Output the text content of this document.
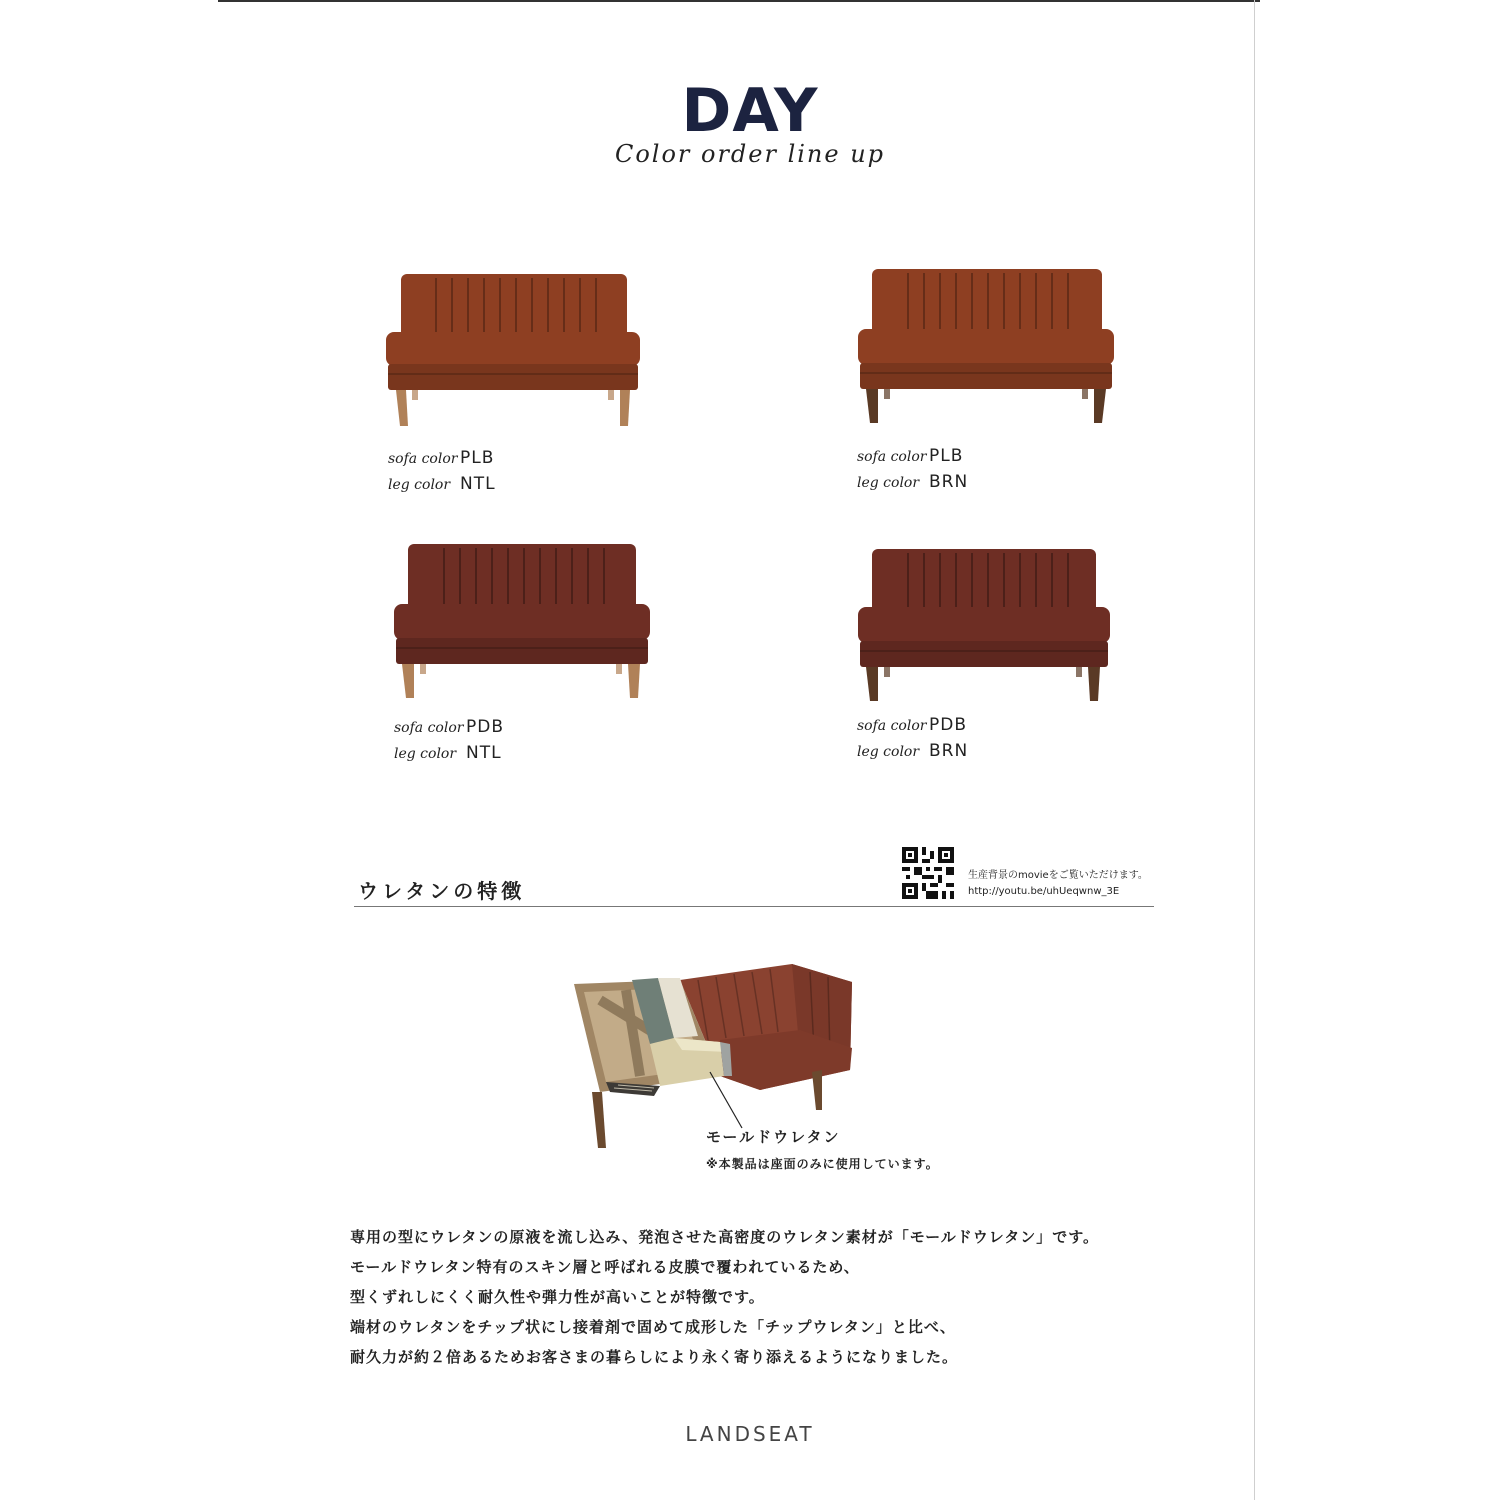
DAY
Color order line up
sofa color PLB
leg color NTL
sofa color PLB
leg color BRN
sofa color PDB
leg color NTL
sofa color PDB
leg color BRN
ウレタンの特徴
生産背景のmovieをご覧いただけます。
http://youtu.be/uhUeqwnw_3E
モールドウレタン
※本製品は座面のみに使用しています。
専用の型にウレタンの原液を流し込み、発泡させた高密度のウレタン素材が「モールドウレタン」です。
モールドウレタン特有のスキン層と呼ばれる皮膜で覆われているため、
型くずれしにくく耐久性や弾力性が高いことが特徴です。
端材のウレタンをチップ状にし接着剤で固めて成形した「チップウレタン」と比べ、
耐久力が約２倍あるためお客さまの暮らしにより永く寄り添えるようになりました。
LANDSEAT
